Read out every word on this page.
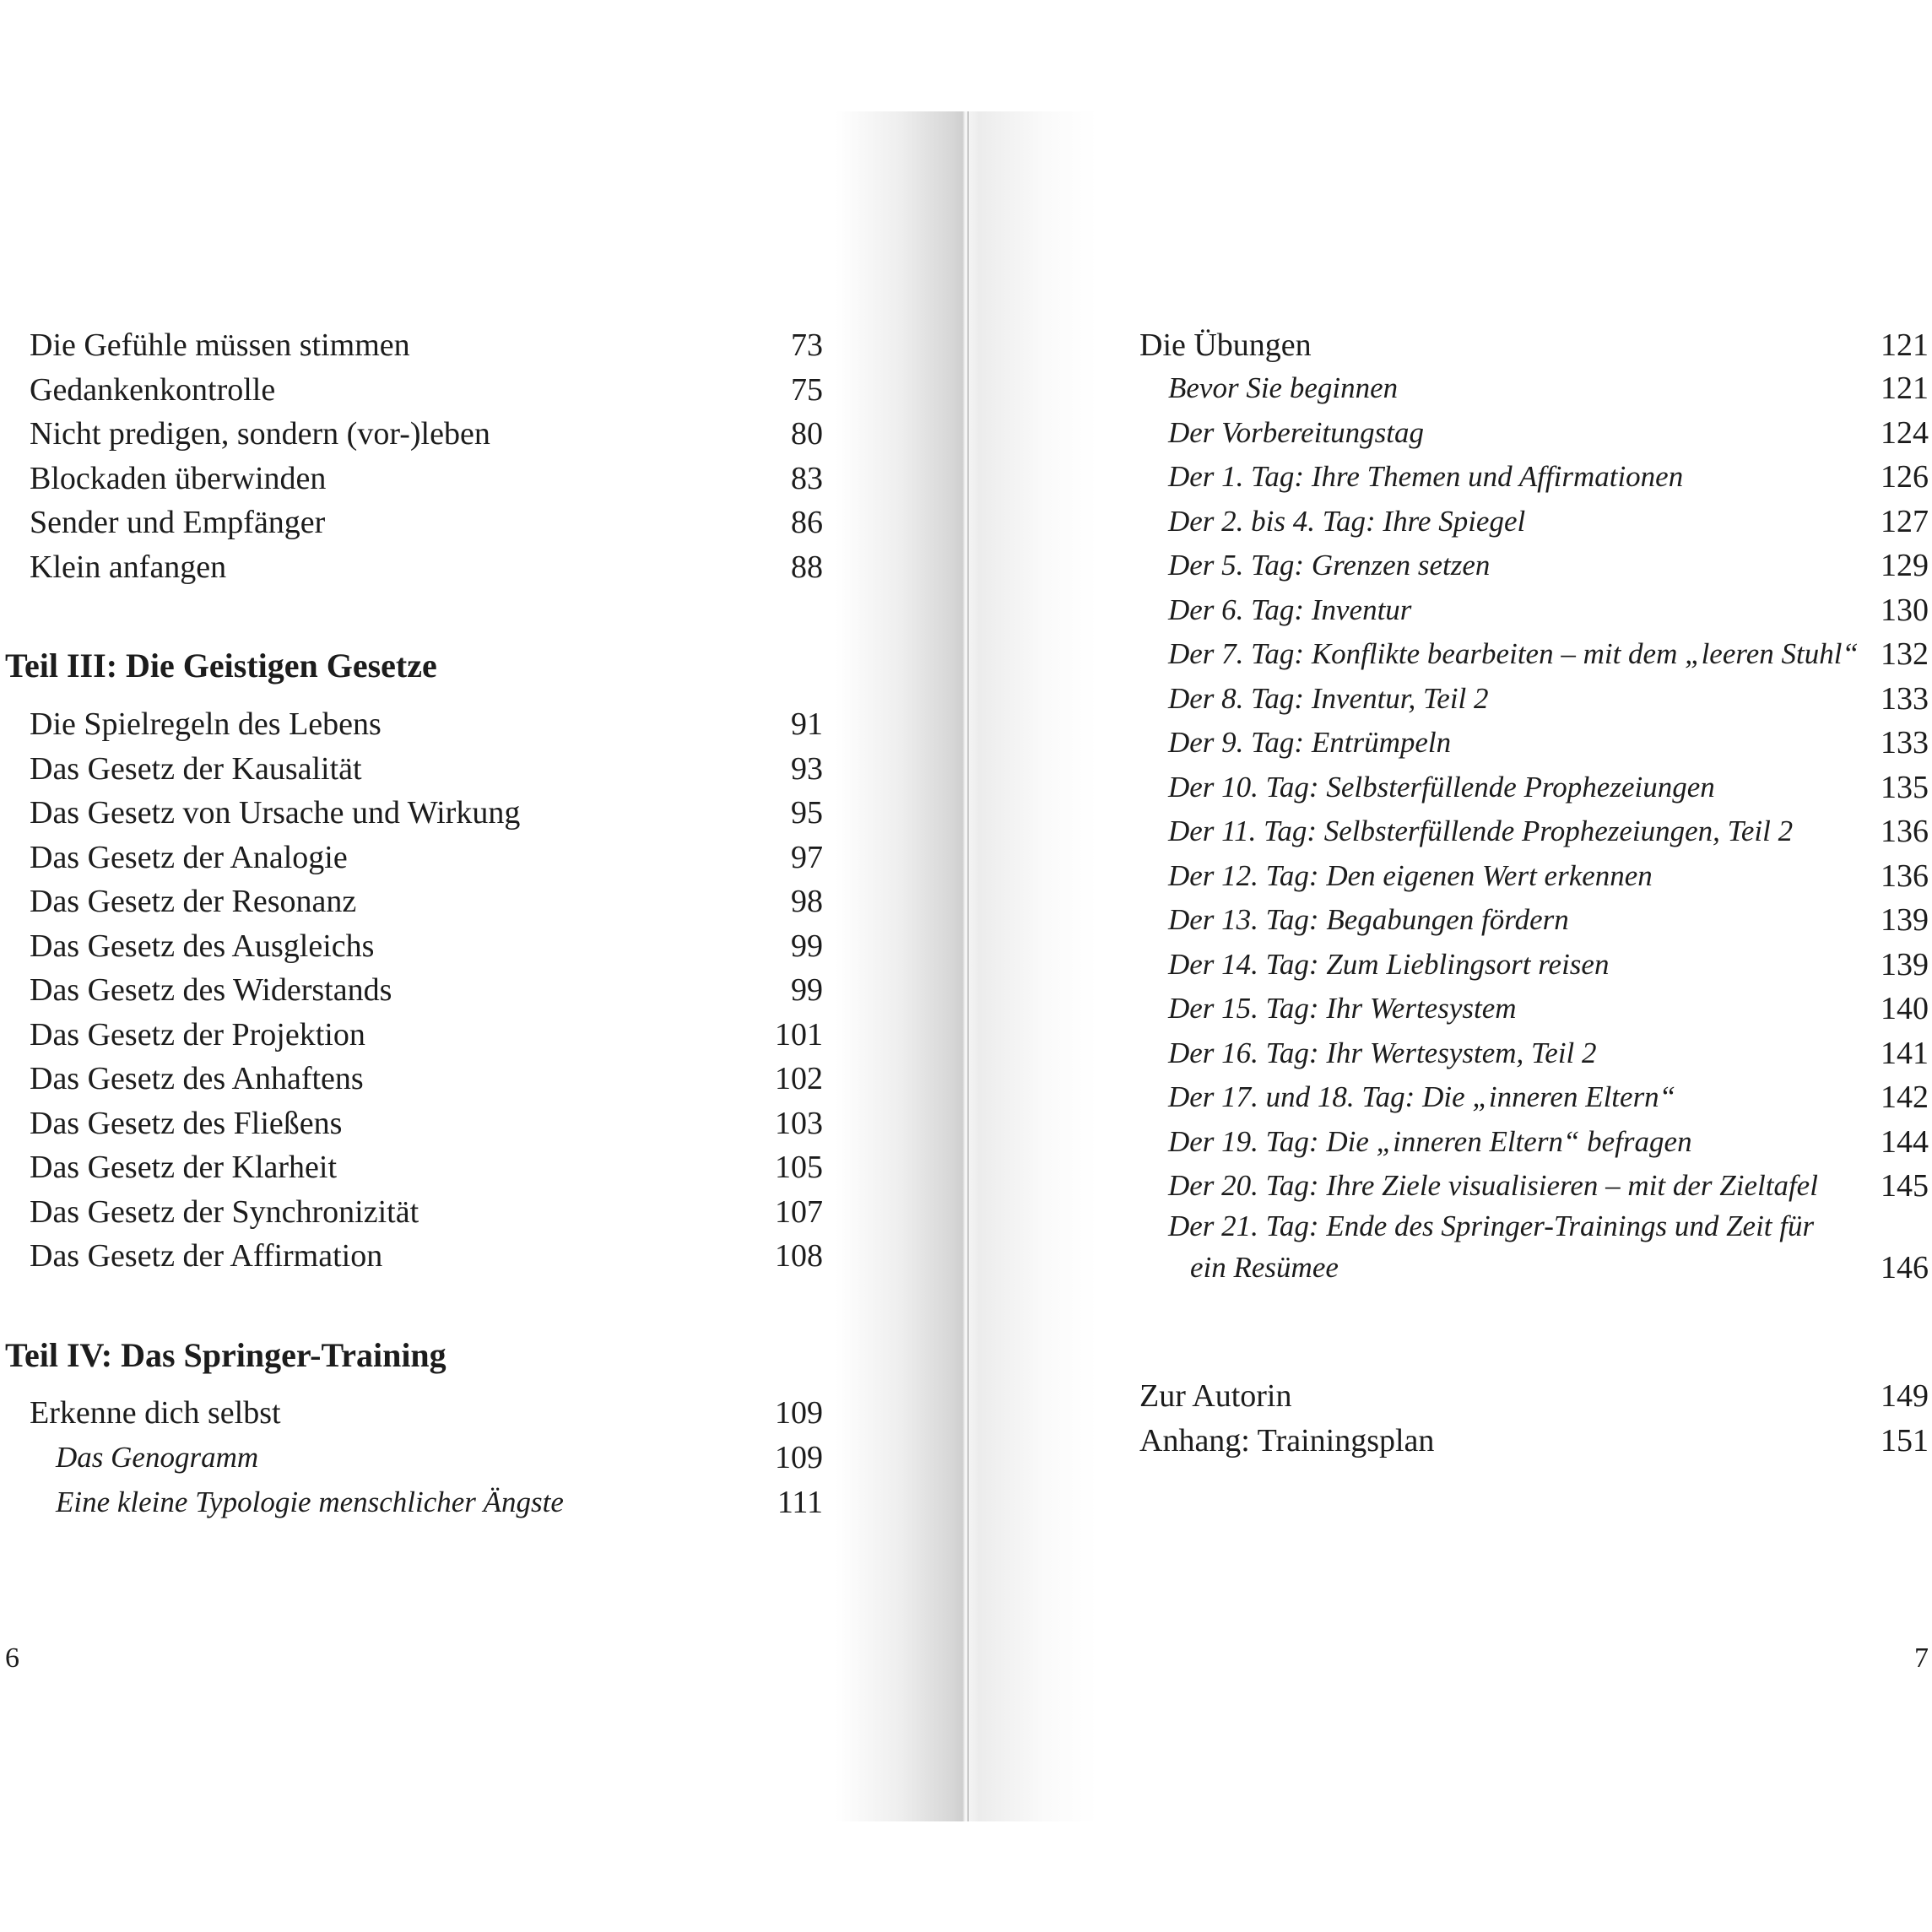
Die Gefühle müssen stimmen	73
Gedankenkontrolle	75
Nicht predigen, sondern (vor-)leben	80
Blockaden überwinden	83
Sender und Empfänger	86
Klein anfangen	88
Teil III: Die Geistigen Gesetze
Die Spielregeln des Lebens	91
Das Gesetz der Kausalität	93
Das Gesetz von Ursache und Wirkung	95
Das Gesetz der Analogie	97
Das Gesetz der Resonanz	98
Das Gesetz des Ausgleichs	99
Das Gesetz des Widerstands	99
Das Gesetz der Projektion	101
Das Gesetz des Anhaftens	102
Das Gesetz des Fließens	103
Das Gesetz der Klarheit	105
Das Gesetz der Synchronizität	107
Das Gesetz der Affirmation	108
Teil IV: Das Springer-Training
Erkenne dich selbst	109
Das Genogramm	109
Eine kleine Typologie menschlicher Ängste	111
6
Die Übungen	121
Bevor Sie beginnen	121
Der Vorbereitungstag	124
Der 1. Tag: Ihre Themen und Affirmationen	126
Der 2. bis 4. Tag: Ihre Spiegel	127
Der 5. Tag: Grenzen setzen	129
Der 6. Tag: Inventur	130
Der 7. Tag: Konflikte bearbeiten – mit dem „leeren Stuhl“ 132
Der 8. Tag: Inventur, Teil 2	133
Der 9. Tag: Entrümpeln	133
Der 10. Tag: Selbsterfüllende Prophezeiungen	135
Der 11. Tag: Selbsterfüllende Prophezeiungen, Teil 2	136
Der 12. Tag: Den eigenen Wert erkennen	136
Der 13. Tag: Begabungen fördern	139
Der 14. Tag: Zum Lieblingsort reisen	139
Der 15. Tag: Ihr Wertesystem	140
Der 16. Tag: Ihr Wertesystem, Teil 2	141
Der 17. und 18. Tag: Die „inneren Eltern“	142
Der 19. Tag: Die „inneren Eltern“ befragen	144
Der 20. Tag: Ihre Ziele visualisieren – mit der Zieltafel 145
Der 21. Tag: Ende des Springer-Trainings und Zeit für
ein Resümee	146
Zur Autorin	149
Anhang: Trainingsplan	151
7
